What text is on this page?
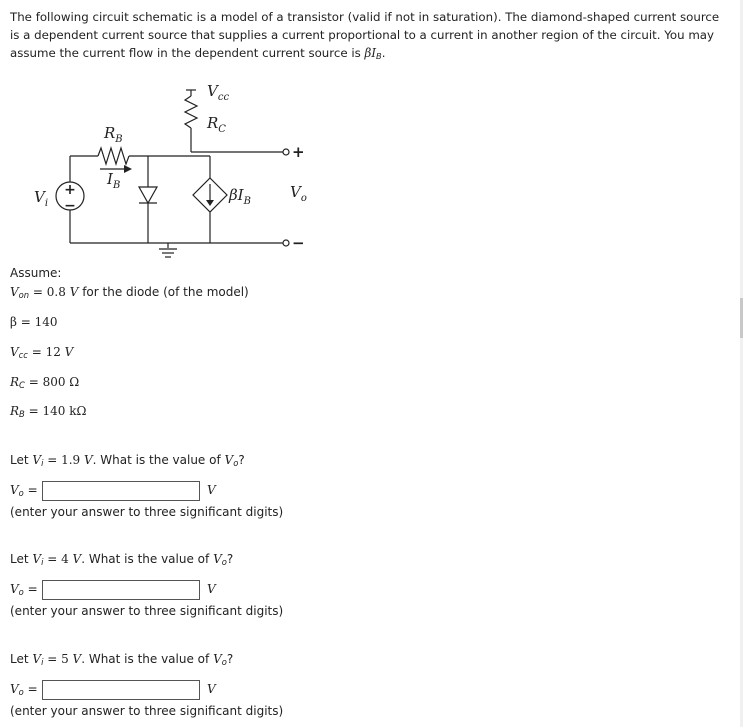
The following circuit schematic is a model of a transistor (valid if not in saturation). The diamond-shaped current source is a dependent current source that supplies a current proportional to a current in another region of the circuit. You may assume the current flow in the dependent current source is $\beta I_B$.
+
−
$V_{cc}$
$R_C$
$R_B$
$I_B$
$\beta I_B$
$V_i$
$V_o$
+
−
Assume:
$V_{on} = 0.8$ V for the diode (of the model)
β = 140
$V_{cc} = 12$ V
$R_C = 800$ Ω
$R_B = 140$ kΩ
Let $V_i = 1.9$ V. What is the value of $V_o$?
$V_o$ =	V
(enter your answer to three significant digits)
Let $V_i = 4$ V. What is the value of $V_o$?
$V_o$ =	V
(enter your answer to three significant digits)
Let $V_i = 5$ V. What is the value of $V_o$?
$V_o$ =	V
(enter your answer to three significant digits)
